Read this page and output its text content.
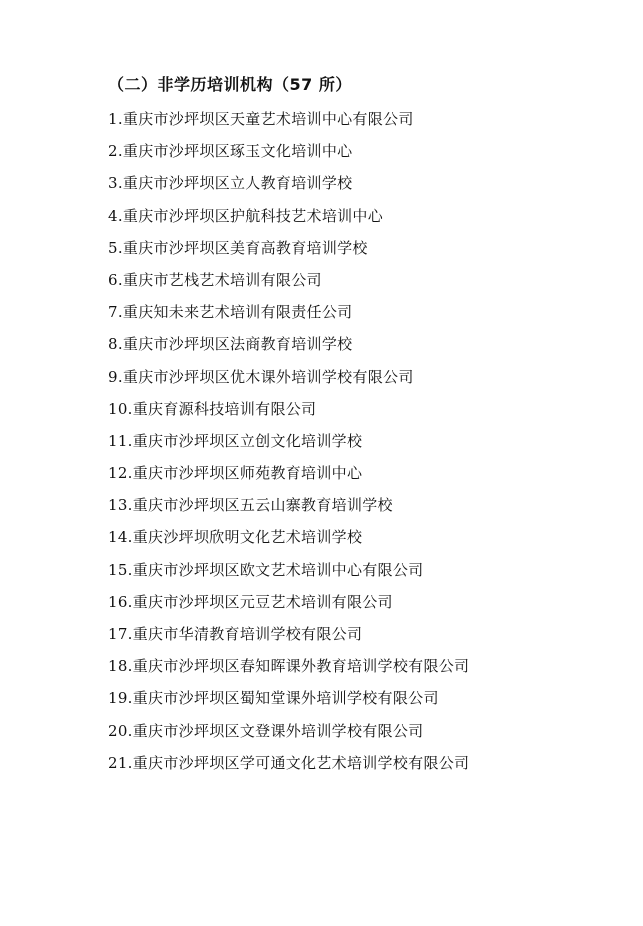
（二）非学历培训机构（57 所）
1.重庆市沙坪坝区天童艺术培训中心有限公司
2.重庆市沙坪坝区琢玉文化培训中心
3.重庆市沙坪坝区立人教育培训学校
4.重庆市沙坪坝区护航科技艺术培训中心
5.重庆市沙坪坝区美育高教育培训学校
6.重庆市艺栈艺术培训有限公司
7.重庆知未来艺术培训有限责任公司
8.重庆市沙坪坝区法商教育培训学校
9.重庆市沙坪坝区优木课外培训学校有限公司
10.重庆育源科技培训有限公司
11.重庆市沙坪坝区立创文化培训学校
12.重庆市沙坪坝区师苑教育培训中心
13.重庆市沙坪坝区五云山寨教育培训学校
14.重庆沙坪坝欣明文化艺术培训学校
15.重庆市沙坪坝区欧文艺术培训中心有限公司
16.重庆市沙坪坝区元豆艺术培训有限公司
17.重庆市华清教育培训学校有限公司
18.重庆市沙坪坝区春知晖课外教育培训学校有限公司
19.重庆市沙坪坝区蜀知堂课外培训学校有限公司
20.重庆市沙坪坝区文登课外培训学校有限公司
21.重庆市沙坪坝区学可通文化艺术培训学校有限公司
